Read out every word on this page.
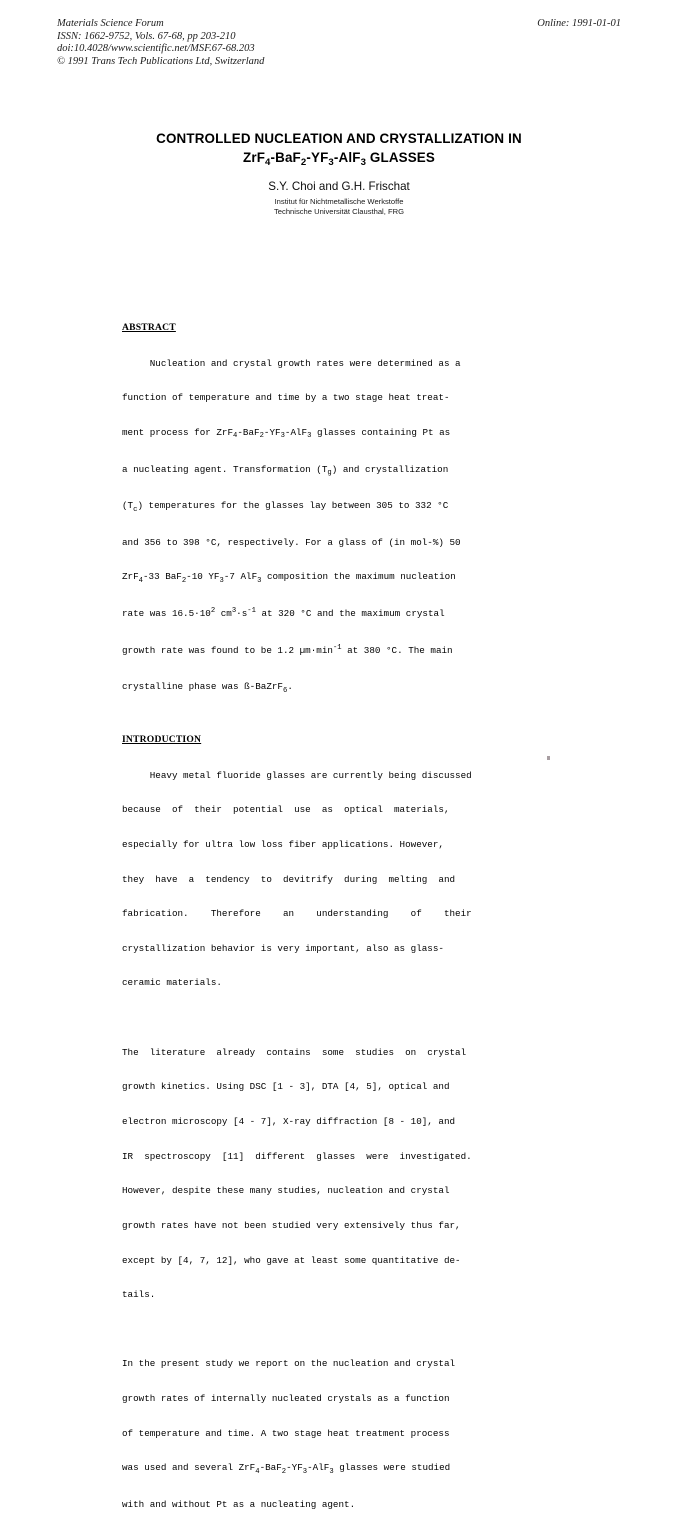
Materials Science Forum
ISSN: 1662-9752, Vols. 67-68, pp 203-210
doi:10.4028/www.scientific.net/MSF.67-68.203
© 1991 Trans Tech Publications Ltd, Switzerland
Online: 1991-01-01
CONTROLLED NUCLEATION AND CRYSTALLIZATION IN
$ZrF_4-BaF_2-YF_3-AlF_3$ GLASSES
S.Y. Choi and G.H. Frischat
Institut für Nichtmetallische Werkstoffe
Technische Universität Clausthal, FRG
ABSTRACT

Nucleation and crystal growth rates were determined as a

function of temperature and time by a two stage heat treat-

ment process for $ZrF_4-BaF_2-YF_3-AlF_3$ glasses containing Pt as

a nucleating agent. Transformation $(T_g)$ and crystallization

$(T_c)$ temperatures for the glasses lay between 305 to 332 °C

and 356 to 398 °C, respectively. For a glass of (in mol-%) 50

ZrF$_4$-33 BaF$_2$-10 $YF_3-7$ AlF$_3$ composition the maximum nucleation

rate was $16.5\cdot 10^2$ $cm^3\cdot s^{-1}$ at 320 °C and the maximum crystal

growth rate was found to be 1.2 $\mu m\cdot\min^{-1}$ at 380 °C. The main

crystalline phase was ß-BaZrF$_6$.

INTRODUCTION

Heavy metal fluoride glasses are currently being discussed

because  of  their  potential  use  as  optical  materials,

especially for ultra low loss fiber applications. However,

they  have  a  tendency  to  devitrify  during  melting  and

fabrication.    Therefore    an    understanding    of    their

crystallization behavior is very important, also as glass-

ceramic materials.

The  literature  already  contains  some  studies  on  crystal

growth kinetics. Using DSC [1 - 3], DTA [4, 5], optical and

electron microscopy [4 - 7], X-ray diffraction [8 - 10], and

IR  spectroscopy  [11]  different  glasses  were  investigated.

However, despite these many studies, nucleation and crystal

growth rates have not been studied very extensively thus far,

except by [4, 7, 12], who gave at least some quantitative de-

tails.

In the present study we report on the nucleation and crystal

growth rates of internally nucleated crystals as a function

of temperature and time. A two stage heat treatment process

was used and several $ZrF_4-BaF_2-YF_3-AlF_3$ glasses were studied

with and without Pt as a nucleating agent.
